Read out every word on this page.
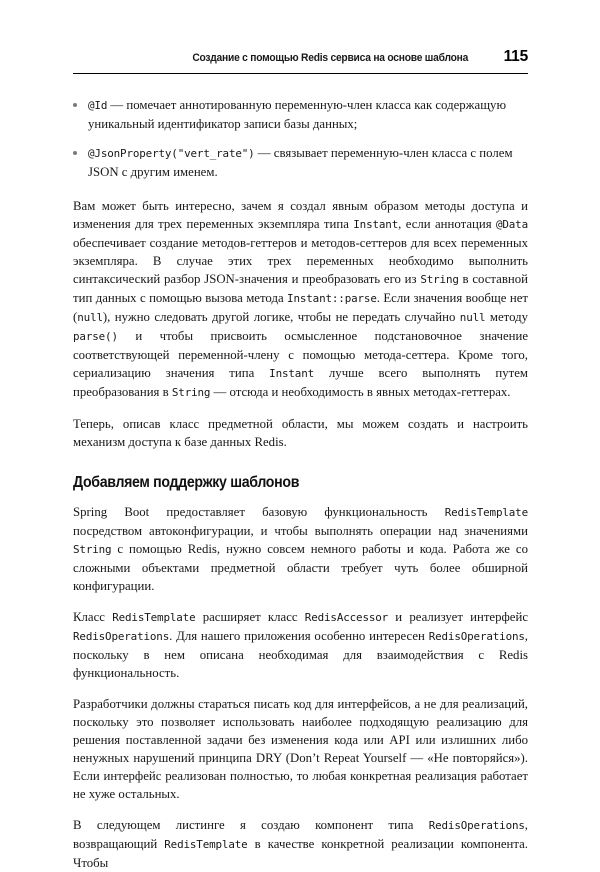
Создание с помощью Redis сервиса на основе шаблона 115
@Id — помечает аннотированную переменную-член класса как содержащую уникальный идентификатор записи базы данных;
@JsonProperty("vert_rate") — связывает переменную-член класса с полем JSON с другим именем.

Вам может быть интересно, зачем я создал явным образом методы доступа и изменения для трех переменных экземпляра типа Instant, если аннотация @Data обеспечивает создание методов-геттеров и методов-сеттеров для всех переменных экземпляра. В случае этих трех переменных необходимо выполнить синтаксический разбор JSON-значения и преобразовать его из String в составной тип данных с помощью вызова метода Instant::parse. Если значения вообще нет (null), нужно следовать другой логике, чтобы не передать случайно null методу parse() и чтобы присвоить осмысленное подстановочное значение соответствующей переменной-члену с помощью метода-сеттера. Кроме того, сериализацию значения типа Instant лучше всего выполнять путем преобразования в String — отсюда и необходимость в явных методах-геттерах.

Теперь, описав класс предметной области, мы можем создать и настроить механизм доступа к базе данных Redis.

Добавляем поддержку шаблонов

Spring Boot предоставляет базовую функциональность RedisTemplate посредством автоконфигурации, и чтобы выполнять операции над значениями String с помощью Redis, нужно совсем немного работы и кода. Работа же со сложными объектами предметной области требует чуть более обширной конфигурации.

Класс RedisTemplate расширяет класс RedisAccessor и реализует интерфейс RedisOperations. Для нашего приложения особенно интересен RedisOperations, поскольку в нем описана необходимая для взаимодействия с Redis функциональность.

Разработчики должны стараться писать код для интерфейсов, а не для реализаций, поскольку это позволяет использовать наиболее подходящую реализацию для решения поставленной задачи без изменения кода или API или излишних либо ненужных нарушений принципа DRY (Don’t Repeat Yourself — «Не повторяйся»). Если интерфейс реализован полностью, то любая конкретная реализация работает не хуже остальных.

В следующем листинге я создаю компонент типа RedisOperations, возвращающий RedisTemplate в качестве конкретной реализации компонента. Чтобы
